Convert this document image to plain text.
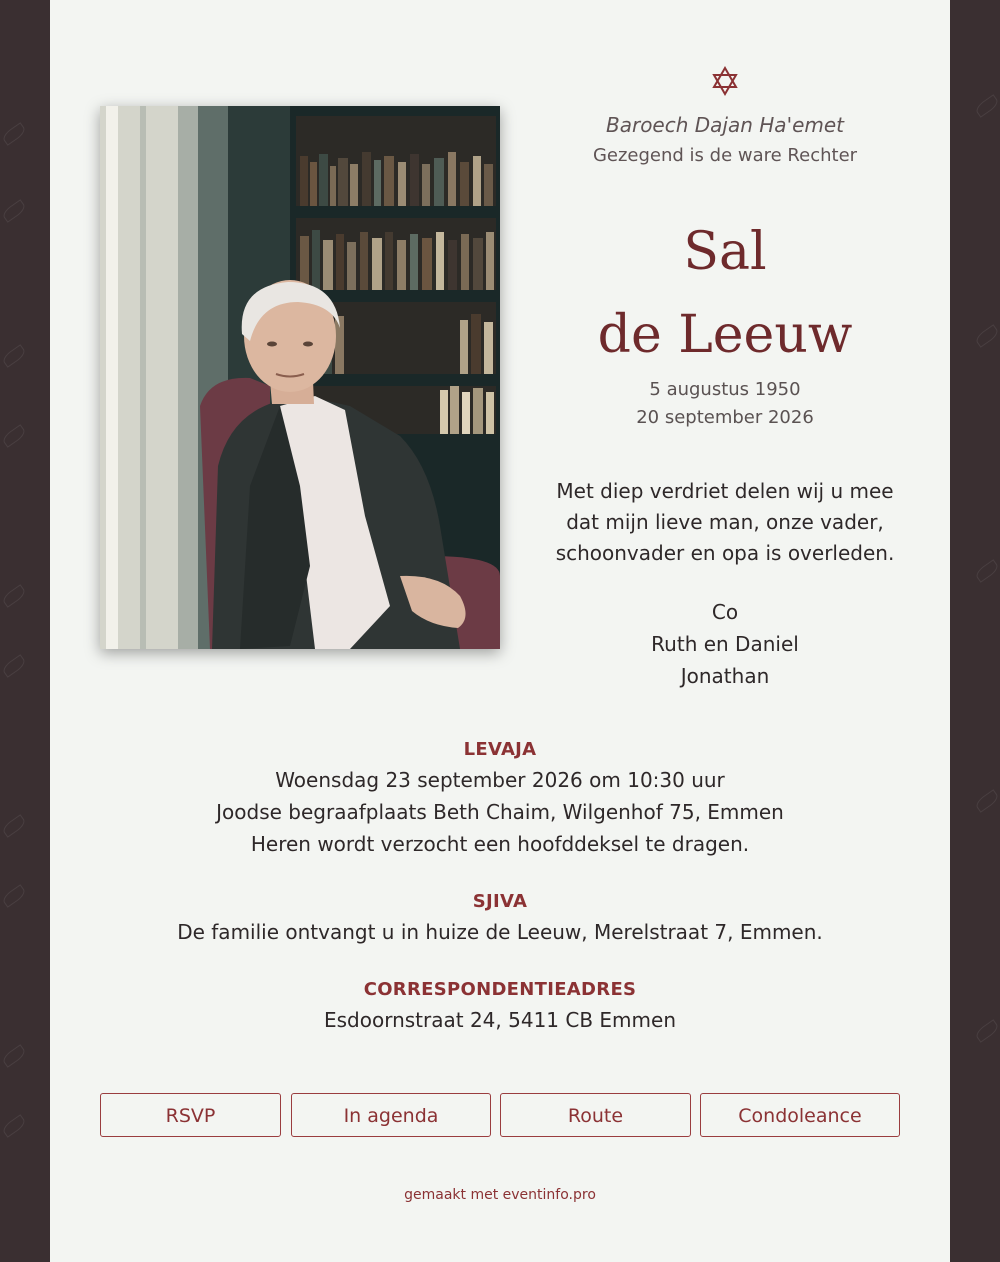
Baroech Dajan Ha'emet
Gezegend is de ware Rechter
Sal
de Leeuw
5 augustus 1950
20 september 2026
Met diep verdriet delen wij u mee
dat mijn lieve man, onze vader,
schoonvader en opa is overleden.
Co
Ruth en Daniel
Jonathan
LEVAJA
Woensdag 23 september 2026 om 10:30 uur
Joodse begraafplaats Beth Chaim, Wilgenhof 75, Emmen
Heren wordt verzocht een hoofddeksel te dragen.
SJIVA
De familie ontvangt u in huize de Leeuw, Merelstraat 7, Emmen.
CORRESPONDENTIEADRES
Esdoornstraat 24, 5411 CB Emmen
RSVP	In agenda	Route	Condoleance
gemaakt met eventinfo.pro
